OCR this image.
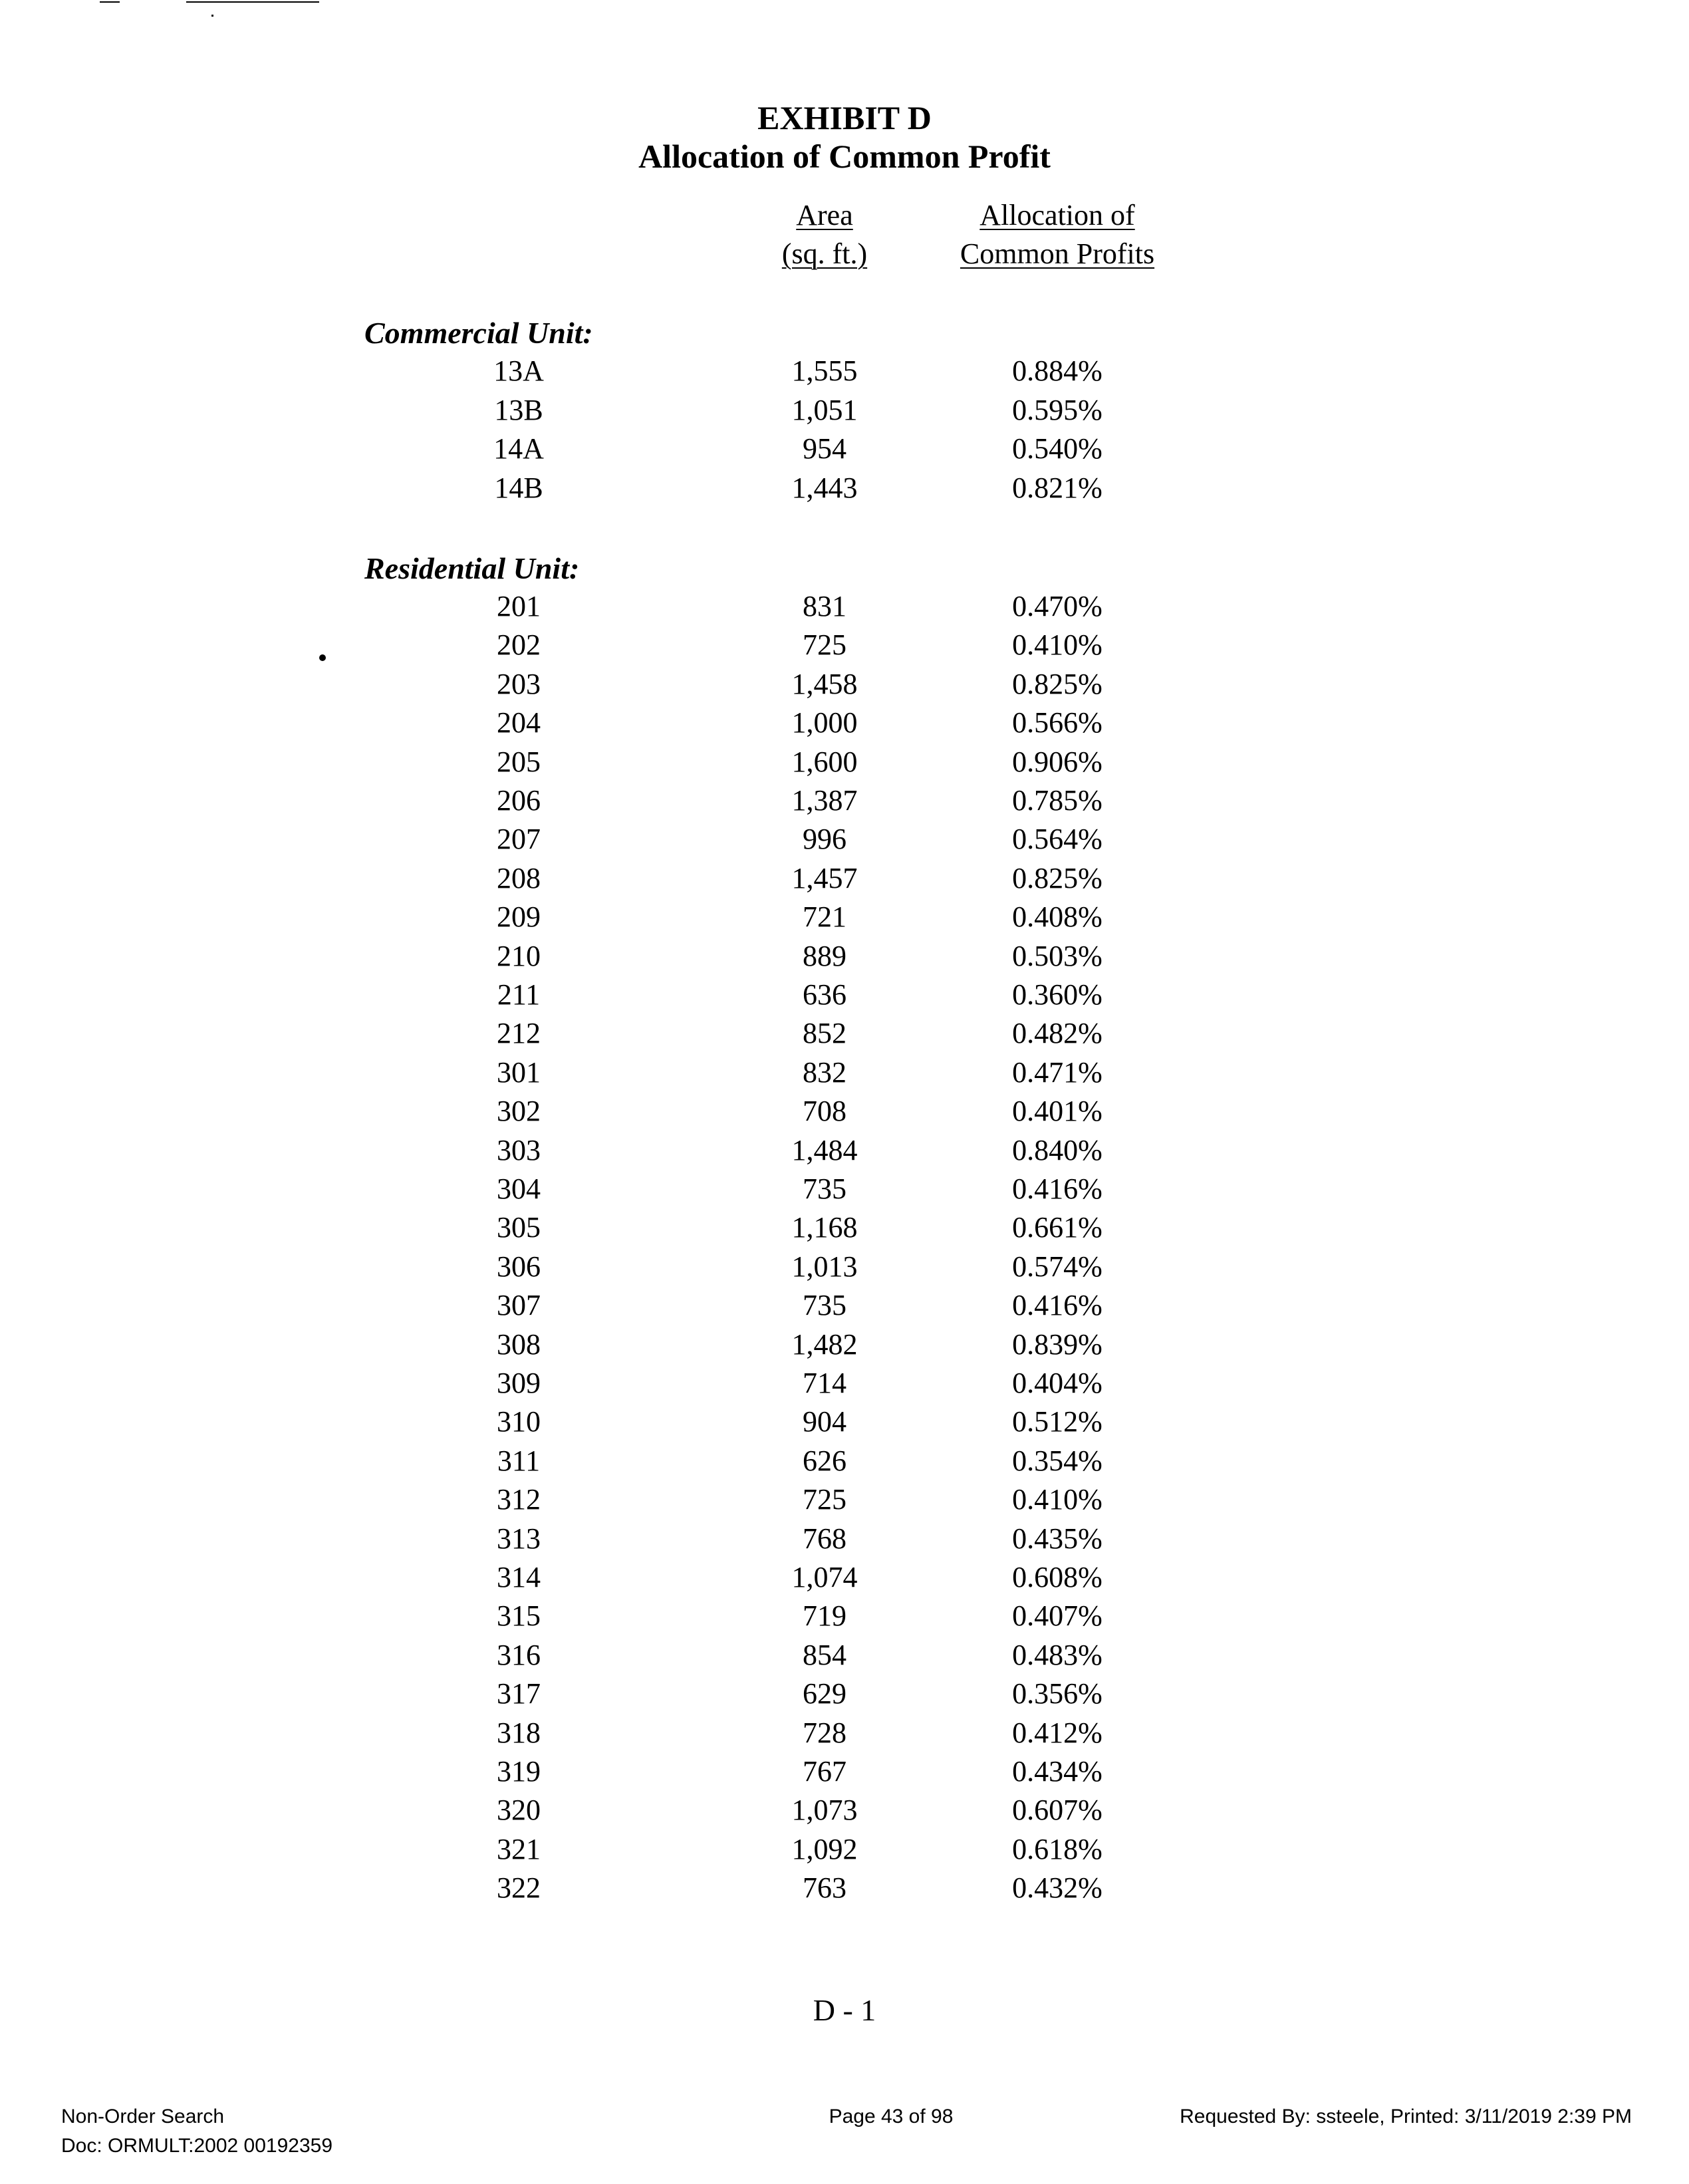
EXHIBIT D
Allocation of Common Profit
Area
(sq. ft.)
Allocation of
Common Profits
Commercial Unit:
13A	1,555	0.884%
13B	1,051	0.595%
14A	954	0.540%
14B	1,443	0.821%
Residential Unit:
201	831	0.470%
202	725	0.410%
203	1,458	0.825%
204	1,000	0.566%
205	1,600	0.906%
206	1,387	0.785%
207	996	0.564%
208	1,457	0.825%
209	721	0.408%
210	889	0.503%
211	636	0.360%
212	852	0.482%
301	832	0.471%
302	708	0.401%
303	1,484	0.840%
304	735	0.416%
305	1,168	0.661%
306	1,013	0.574%
307	735	0.416%
308	1,482	0.839%
309	714	0.404%
310	904	0.512%
311	626	0.354%
312	725	0.410%
313	768	0.435%
314	1,074	0.608%
315	719	0.407%
316	854	0.483%
317	629	0.356%
318	728	0.412%
319	767	0.434%
320	1,073	0.607%
321	1,092	0.618%
322	763	0.432%
D - 1
Non-Order Search
Doc: ORMULT:2002 00192359
Page 43 of 98	Requested By: ssteele, Printed: 3/11/2019 2:39 PM
